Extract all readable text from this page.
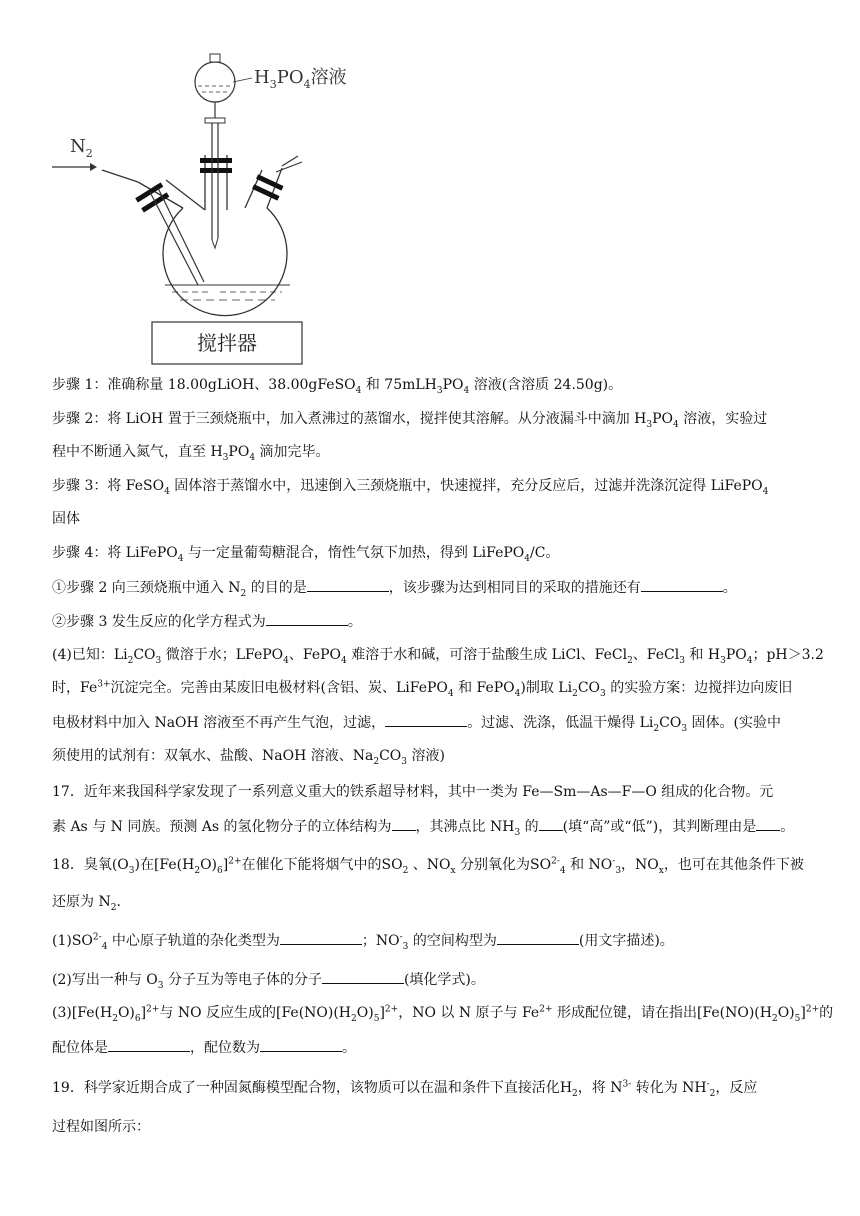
搅拌器
$H_3PO_4$溶液
$N_2$
步骤 1：准确称量 18.00gLiOH、38.00gFeSO$_4$ 和 $75mLH_3PO_4$ 溶液(含溶质 24.50g)。
步骤 2：将 LiOH 置于三颈烧瓶中，加入煮沸过的蒸馏水，搅拌使其溶解。从分液漏斗中滴加 $H_3PO_4$ 溶液，实验过
程中不断通入氮气，直至 $H_3PO_4$ 滴加完毕。
步骤 3：将 FeSO$_4$ 固体溶于蒸馏水中，迅速倒入三颈烧瓶中，快速搅拌，充分反应后，过滤并洗涤沉淀得 LiFePO$_4$
固体
步骤 4：将 LiFePO$_4$ 与一定量葡萄糖混合，惰性气氛下加热，得到 LiFePO$_4$/C。
①步骤 2 向三颈烧瓶中通入 $N_2$ 的目的是	，该步骤为达到相同目的采取的措施还有	。
②步骤 3 发生反应的化学方程式为	。
(4)已知：$Li_2CO_3$ 微溶于水；LFePO$_4$、FePO$_4$ 难溶于水和碱，可溶于盐酸生成 LiCl、FeCl$_2$、FeCl$_3$ 和 $H_3PO_4$；pH＞3.2
时，$Fe^{3+}$沉淀完全。完善由某废旧电极材料(含铝、炭、LiFePO$_4$ 和 FePO$_4$)制取 $Li_2CO_3$ 的实验方案：边搅拌边向废旧
电极材料中加入 NaOH 溶液至不再产生气泡，过滤，	。过滤、洗涤，低温干燥得 $Li_2CO_3$ 固体。(实验中
须使用的试剂有：双氧水、盐酸、NaOH 溶液、$Na_2CO_3$ 溶液)
17．近年来我国科学家发现了一系列意义重大的铁系超导材料，其中一类为 Fe—Sm—As—F—O 组成的化合物。元
素 As 与 N 同族。预测 As 的氢化物分子的立体结构为 ，其沸点比 $NH_3$ 的 (填“高”或“低”)，其判断理由是 。
18．臭氧$(O_3)$在$[Fe(H_2O)_6]^{2+}$在催化下能将烟气中的$SO_2$ 、$NO_x$ 分别氧化为$SO^{2-}_4$ 和 $NO^-_3$，$NO_x$，也可在其他条件下被
还原为 $N_2$.
$(1)SO^{2-}_4$ 中心原子轨道的杂化类型为	；$NO^-_3$ 的空间构型为	(用文字描述)。
(2)写出一种与 $O_3$ 分子互为等电子体的分子	(填化学式)。
$(3)[Fe(H_2O)_6]^{2+}$与 NO 反应生成的$[Fe(NO)(H_2O)_5]^{2+}$，NO 以 N 原子与 $Fe^{2+}$ 形成配位键，请在指出$[Fe(NO)(H_2O)_5]^{2+}$的
配位体是	，配位数为	。
19．科学家近期合成了一种固氮酶模型配合物，该物质可以在温和条件下直接活化$H_2$，将 $N^{3-}$ 转化为 $NH^-_2$，反应
过程如图所示：
